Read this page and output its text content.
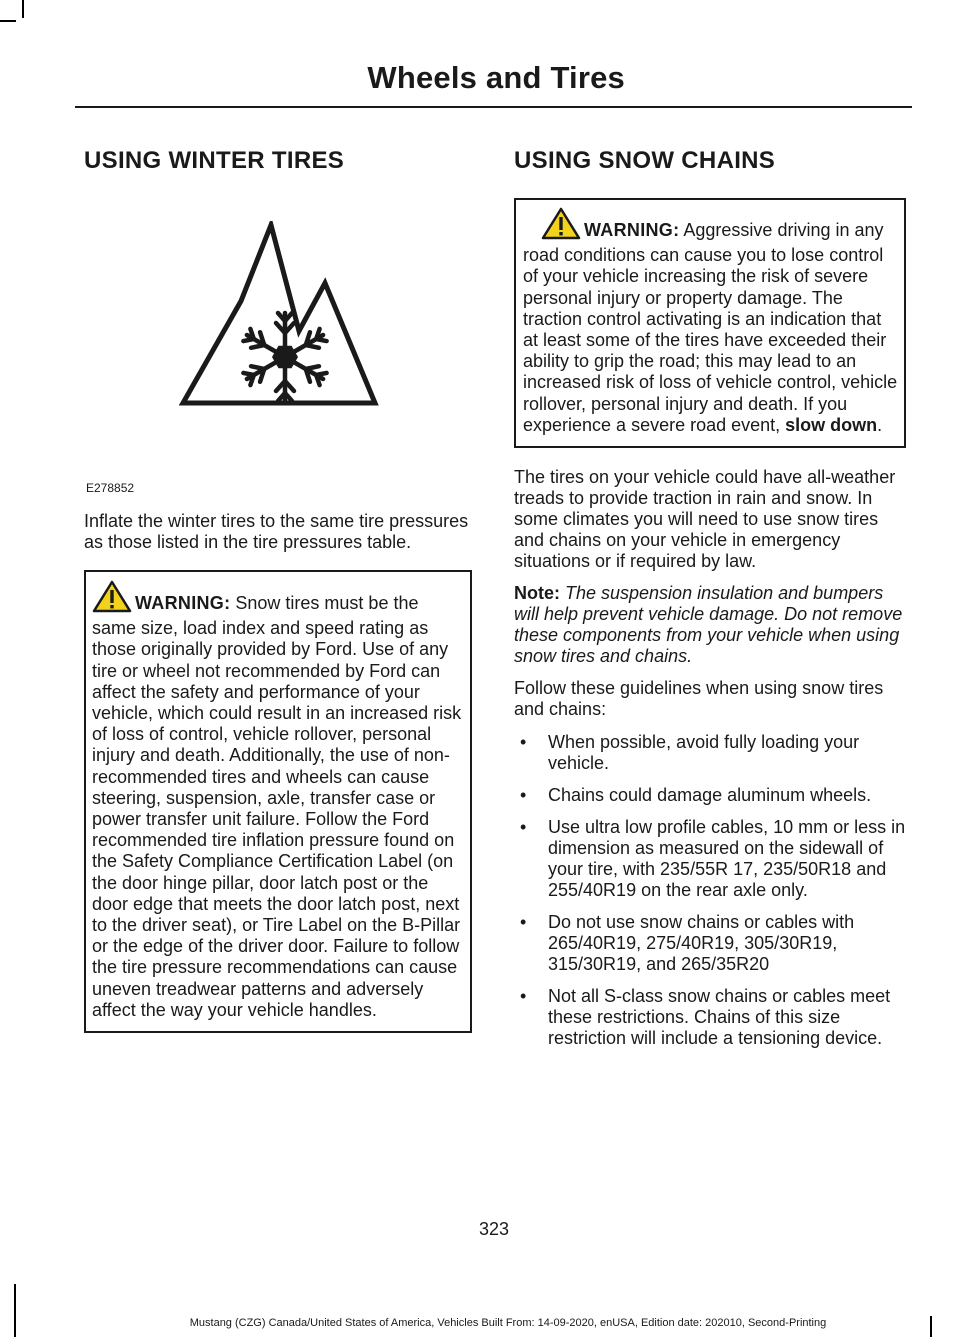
Wheels and Tires
USING WINTER TIRES
E278852

Inflate the winter tires to the same tire pressures as those listed in the tire pressures table.

WARNING: Snow tires must be the same size, load index and speed rating as those originally provided by Ford. Use of any tire or wheel not recommended by Ford can affect the safety and performance of your vehicle, which could result in an increased risk of loss of control, vehicle rollover, personal injury and death. Additionally, the use of non-recommended tires and wheels can cause steering, suspension, axle, transfer case or power transfer unit failure. Follow the Ford recommended tire inflation pressure found on the Safety Compliance Certification Label (on the door hinge pillar, door latch post or the door edge that meets the door latch post, next to the driver seat), or Tire Label on the B-Pillar or the edge of the driver door. Failure to follow the tire pressure recommendations can cause uneven treadwear patterns and adversely affect the way your vehicle handles.

USING SNOW CHAINS

WARNING: Aggressive driving in any road conditions can cause you to lose control of your vehicle increasing the risk of severe personal injury or property damage. The traction control activating is an indication that at least some of the tires have exceeded their ability to grip the road; this may lead to an increased risk of loss of vehicle control, vehicle rollover, personal injury and death. If you experience a severe road event, slow down.

The tires on your vehicle could have all-weather treads to provide traction in rain and snow. In some climates you will need to use snow tires and chains on your vehicle in emergency situations or if required by law.

Note: The suspension insulation and bumpers will help prevent vehicle damage. Do not remove these components from your vehicle when using snow tires and chains.

Follow these guidelines when using snow tires and chains:

• When possible, avoid fully loading your vehicle.
• Chains could damage aluminum wheels.
• Use ultra low profile cables, 10 mm or less in dimension as measured on the sidewall of your tire, with 235/55R 17, 235/50R18 and 255/40R19 on the rear axle only.
• Do not use snow chains or cables with 265/40R19, 275/40R19, 305/30R19, 315/30R19, and 265/35R20
• Not all S-class snow chains or cables meet these restrictions. Chains of this size restriction will include a tensioning device.
323
Mustang (CZG) Canada/United States of America, Vehicles Built From: 14-09-2020, enUSA, Edition date: 202010, Second-Printing
